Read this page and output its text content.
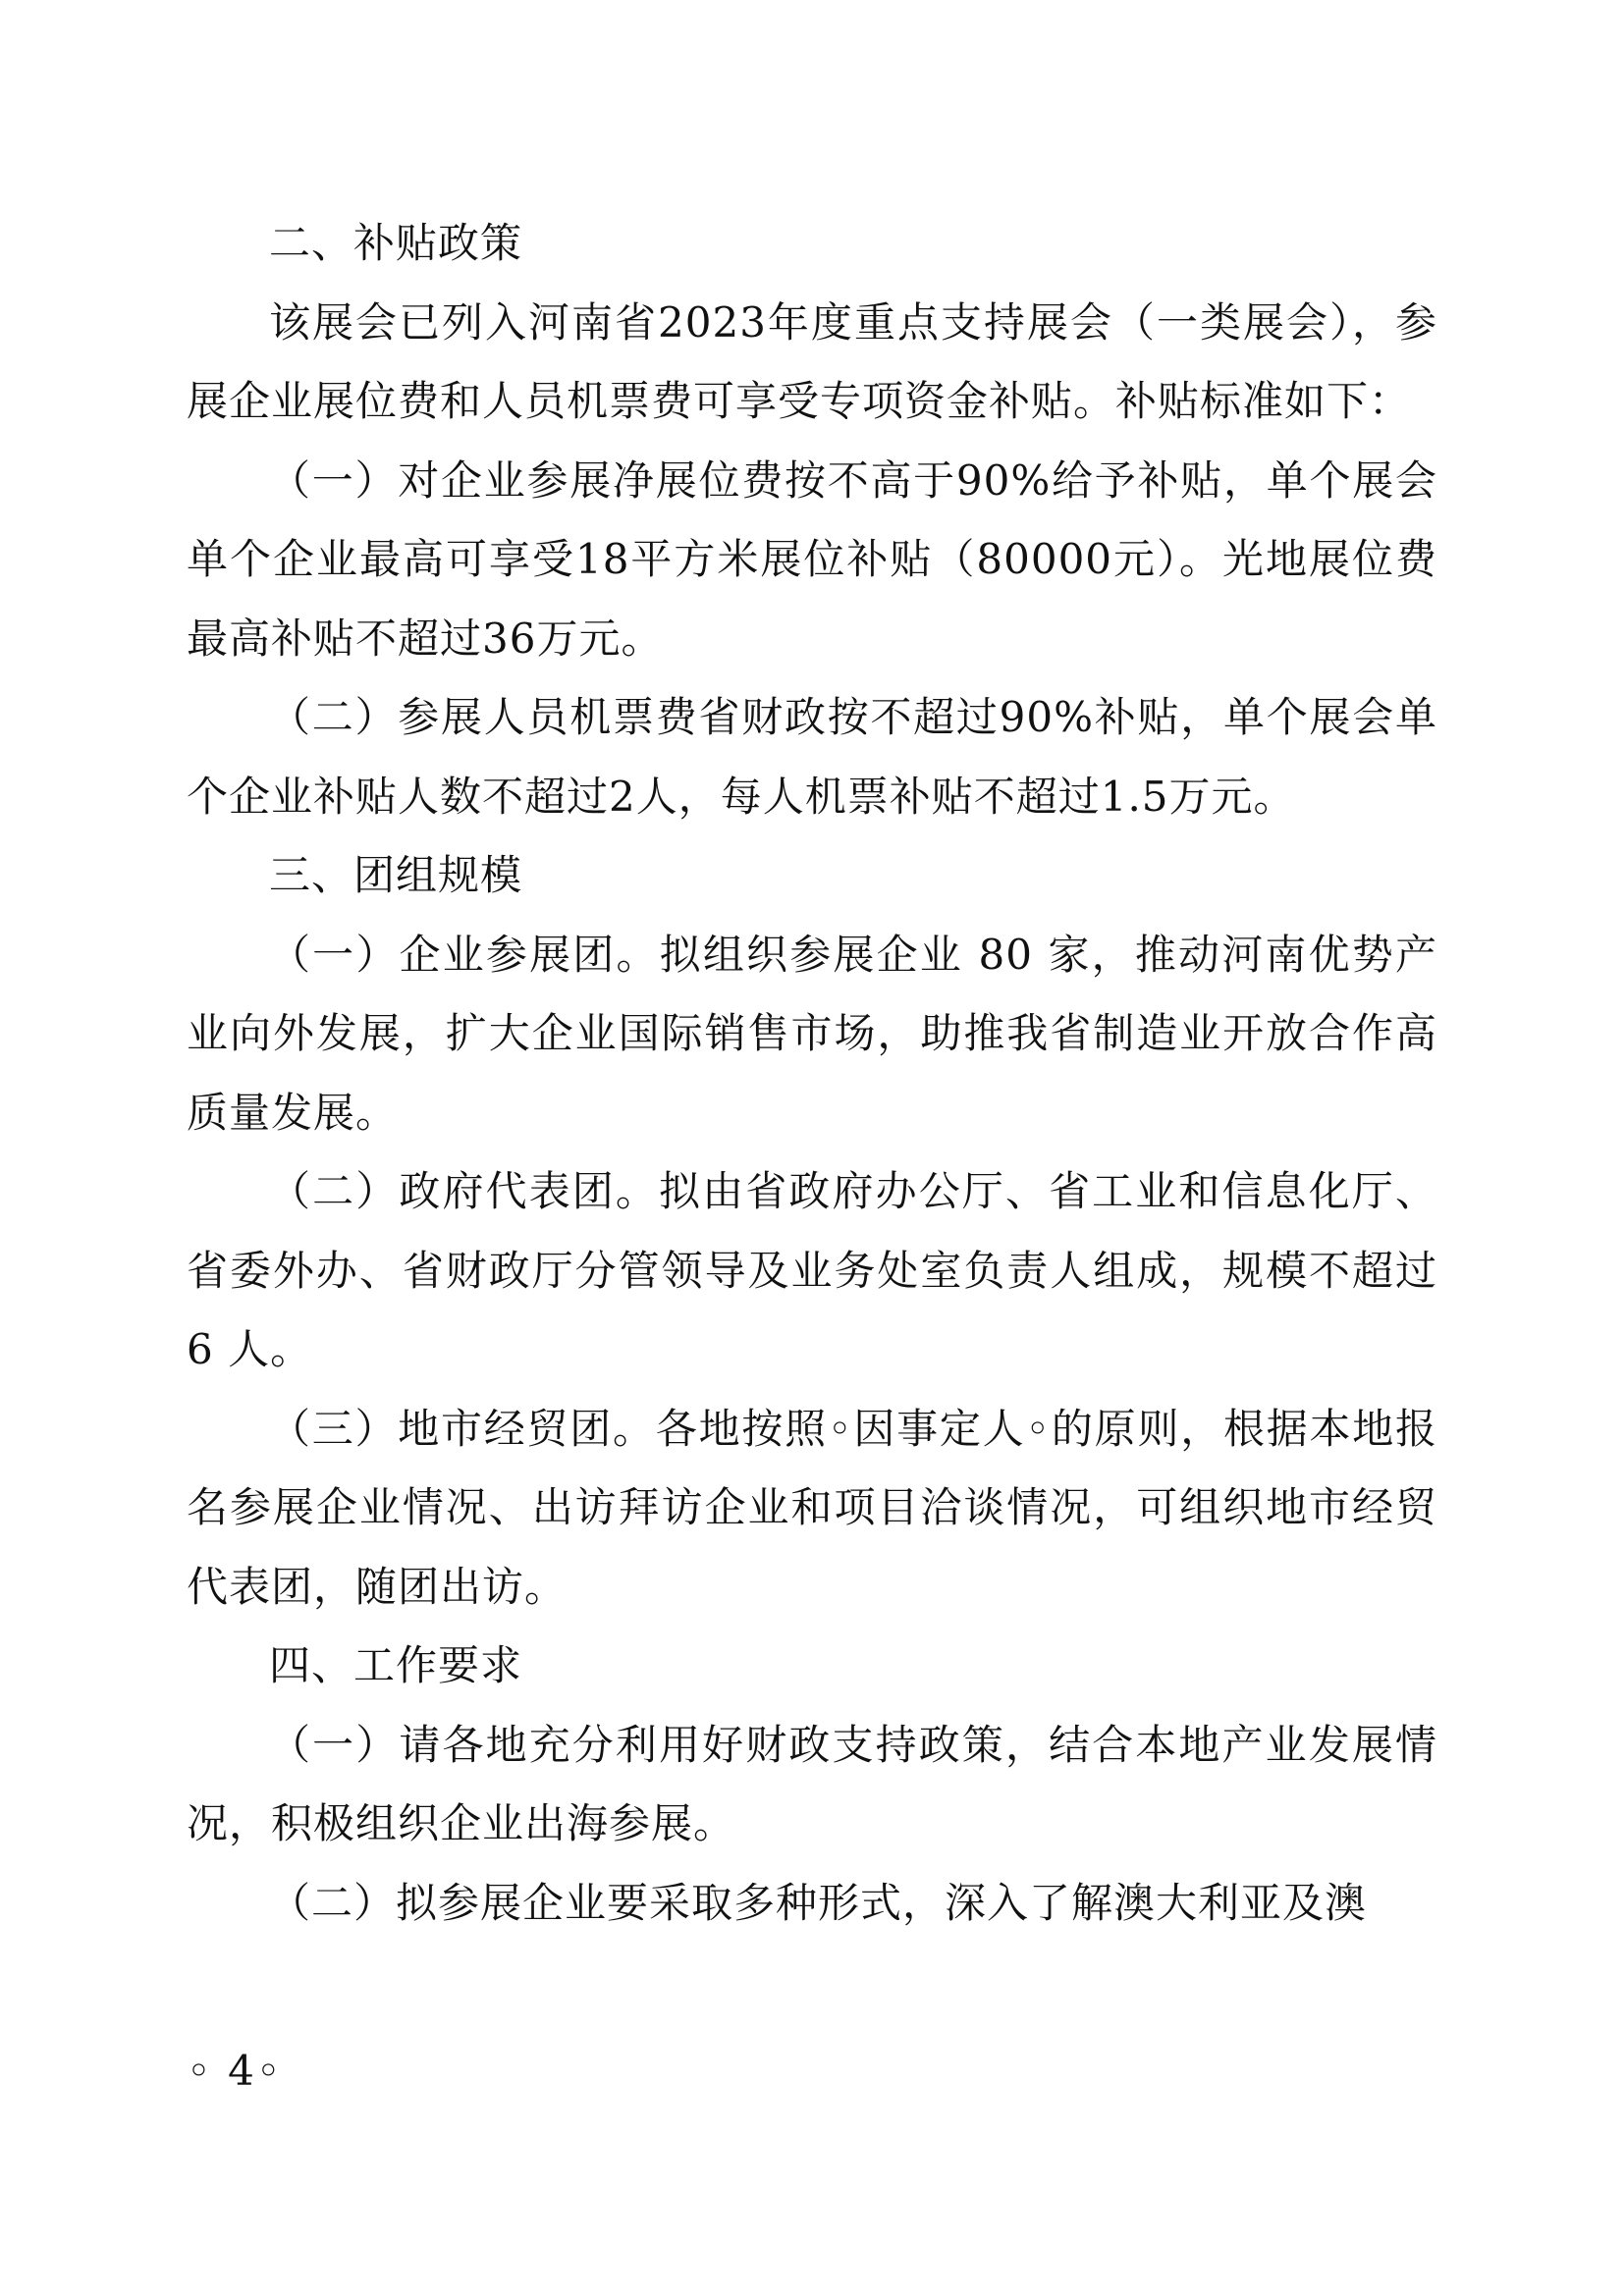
二、补贴政策

该展会已列入河南省2023年度重点支持展会（一类展会），参展企业展位费和人员机票费可享受专项资金补贴。补贴标准如下：

（一）对企业参展净展位费按不高于90%给予补贴，单个展会单个企业最高可享受18平方米展位补贴（80000元）。光地展位费最高补贴不超过36万元。

（二）参展人员机票费省财政按不超过90%补贴，单个展会单个企业补贴人数不超过2人，每人机票补贴不超过1.5万元。

三、团组规模

（一）企业参展团。拟组织参展企业 80 家，推动河南优势产业向外发展，扩大企业国际销售市场，助推我省制造业开放合作高质量发展。

（二）政府代表团。拟由省政府办公厅、省工业和信息化厅、省委外办、省财政厅分管领导及业务处室负责人组成，规模不超过 6 人。

（三）地市经贸团。各地按照◦因事定人◦的原则，根据本地报名参展企业情况、出访拜访企业和项目洽谈情况，可组织地市经贸代表团，随团出访。

四、工作要求

（一）请各地充分利用好财政支持政策，结合本地产业发展情况，积极组织企业出海参展。

（二）拟参展企业要采取多种形式，深入了解澳大利亚及澳

◦ 4◦
